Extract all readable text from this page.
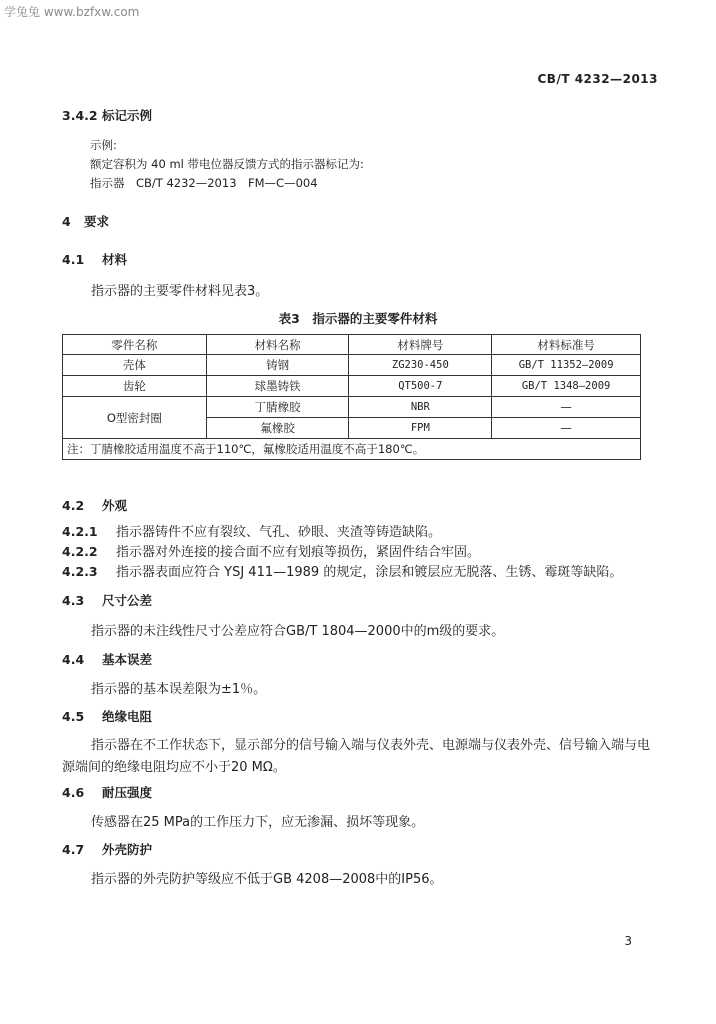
学兔兔 www.bzfxw.com
CB/T 4232—2013
3.4.2 标记示例
示例:
额定容积为 40 ml 带电位器反馈方式的指示器标记为:
指示器　CB/T 4232—2013　FM—C—004
4 要求
4.1 材料
指示器的主要零件材料见表3。
表3　指示器的主要零件材料
零件名称	材料名称	材料牌号	材料标准号
壳体	铸钢	ZG230-450	GB/T 11352—2009
齿轮	球墨铸铁	QT500-7	GB/T 1348—2009
O型密封圈	丁腈橡胶	NBR	—
	氟橡胶	FPM	—
注：丁腈橡胶适用温度不高于110℃，氟橡胶适用温度不高于180℃。			
4.2 外观
4.2.1 指示器铸件不应有裂纹、气孔、砂眼、夹渣等铸造缺陷。
4.2.2 指示器对外连接的接合面不应有划痕等损伤，紧固件结合牢固。
4.2.3 指示器表面应符合 YSJ 411—1989 的规定，涂层和镀层应无脱落、生锈、霉斑等缺陷。
4.3 尺寸公差
指示器的未注线性尺寸公差应符合GB/T 1804—2000中的m级的要求。
4.4 基本误差
指示器的基本误差限为±1％。
4.5 绝缘电阻
指示器在不工作状态下，显示部分的信号输入端与仪表外壳、电源端与仪表外壳、信号输入端与电
源端间的绝缘电阻均应不小于20 MΩ。
4.6 耐压强度
传感器在25 MPa的工作压力下，应无渗漏、损坏等现象。
4.7 外壳防护
指示器的外壳防护等级应不低于GB 4208—2008中的IP56。
3
